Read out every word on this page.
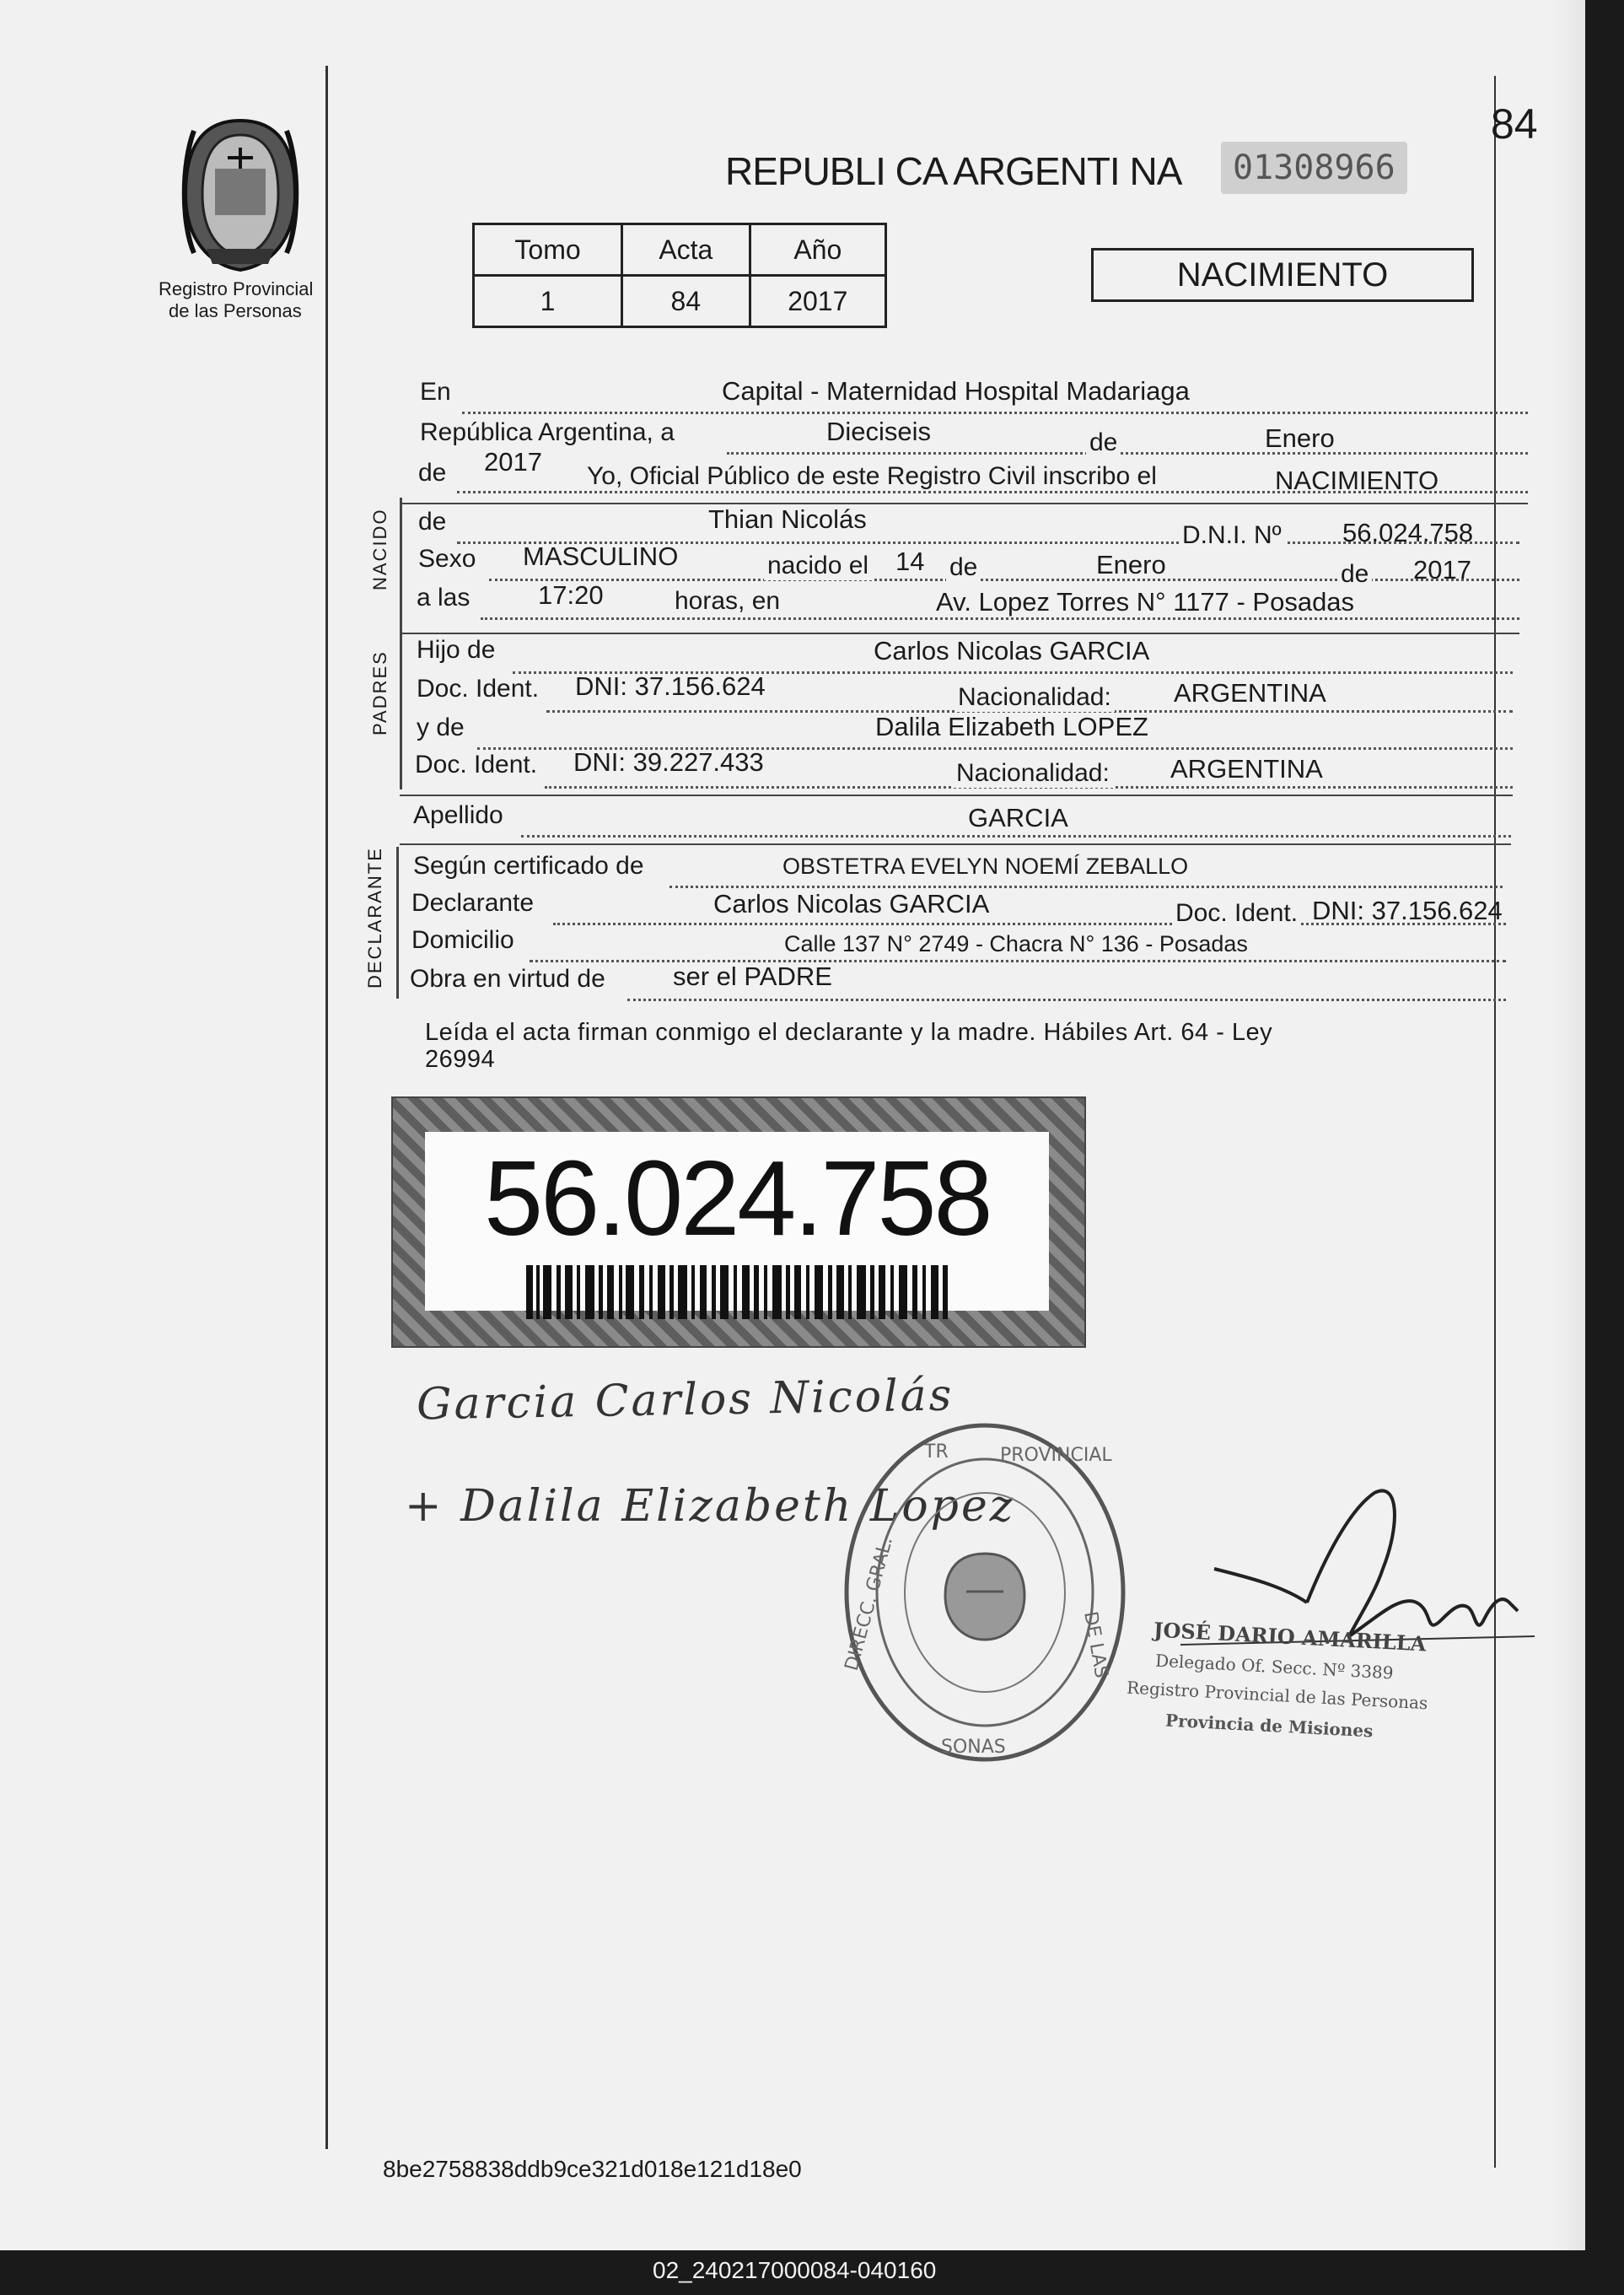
Registro Provincial
de las Personas
84
REPUBLI CA ARGENTI NA	01308966
Tomo	Acta	Año
1	84	2017
NACIMIENTO
En	Capital - Maternidad Hospital Madariaga
República Argentina, a	Dieciseis	de	Enero
de 2017 Yo, Oficial Público de este Registro Civil inscribo el	NACIMIENTO
NACIDO de	Thian Nicolás
D.N.I. Nº 56.024.758
Sexo MASCULINO	nacido el 14 de	Enero	de 2017
a las	17:20	horas, en	Av. Lopez Torres N° 1177 - Posadas
PADRES
Hijo de	Carlos Nicolas GARCIA
Doc. Ident. DNI: 37.156.624	Nacionalidad: ARGENTINA
y de	Dalila Elizabeth LOPEZ
Doc. Ident. DNI: 39.227.433	Nacionalidad: ARGENTINA
Apellido	GARCIA
DECLARANTE Según certificado de	OBSTETRA EVELYN NOEMÍ ZEBALLO
Declarante	Carlos Nicolas GARCIA	Doc. Ident. DNI: 37.156.624
Domicilio	Calle 137 N° 2749 - Chacra N° 136 - Posadas
Obra en virtud de	ser el PADRE
Leída el acta firman conmigo el declarante y la madre. Hábiles Art. 64 - Ley
26994
56.024.758
Garcia Carlos Nicolás
+ Dalila Elizabeth Lopez
TR	PROVINCIAL
DE LAS
DIRECC. GRAL.
SONAS
JOSÉ DARIO AMARILLA
Delegado Of. Secc. Nº 3389
Registro Provincial de las Personas
Provincia de Misiones
8be2758838ddb9ce321d018e121d18e0
02_240217000084-040160
